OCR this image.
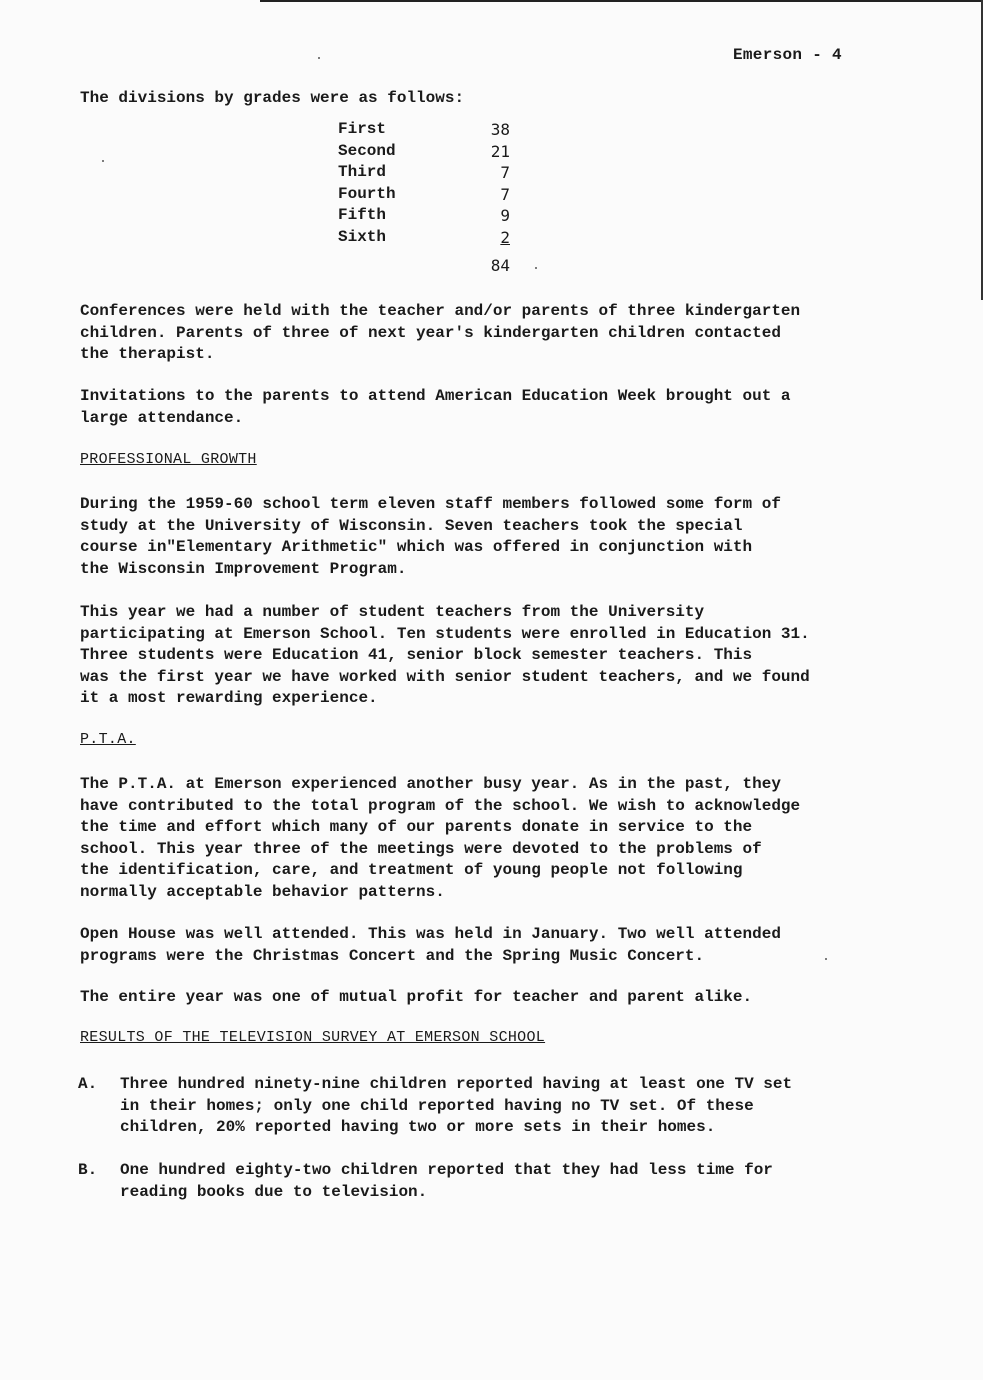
Emerson - 4
The divisions by grades were as follows:
First	38
Second	21
Third	7
Fourth	7
Fifth	9
Sixth	2
84
Conferences were held with the teacher and/or parents of three kindergarten
children. Parents of three of next year's kindergarten children contacted
the therapist.
Invitations to the parents to attend American Education Week brought out a
large attendance.
PROFESSIONAL GROWTH
During the 1959-60 school term eleven staff members followed some form of
study at the University of Wisconsin. Seven teachers took the special
course in"Elementary Arithmetic" which was offered in conjunction with
the Wisconsin Improvement Program.
This year we had a number of student teachers from the University
participating at Emerson School. Ten students were enrolled in Education 31.
Three students were Education 41, senior block semester teachers. This
was the first year we have worked with senior student teachers, and we found
it a most rewarding experience.
P.T.A.
The P.T.A. at Emerson experienced another busy year. As in the past, they
have contributed to the total program of the school. We wish to acknowledge
the time and effort which many of our parents donate in service to the
school. This year three of the meetings were devoted to the problems of
the identification, care, and treatment of young people not following
normally acceptable behavior patterns.
Open House was well attended. This was held in January. Two well attended
programs were the Christmas Concert and the Spring Music Concert.
The entire year was one of mutual profit for teacher and parent alike.
RESULTS OF THE TELEVISION SURVEY AT EMERSON SCHOOL
A.	Three hundred ninety-nine children reported having at least one TV set
in their homes; only one child reported having no TV set. Of these
children, 20% reported having two or more sets in their homes.
B.	One hundred eighty-two children reported that they had less time for
reading books due to television.
